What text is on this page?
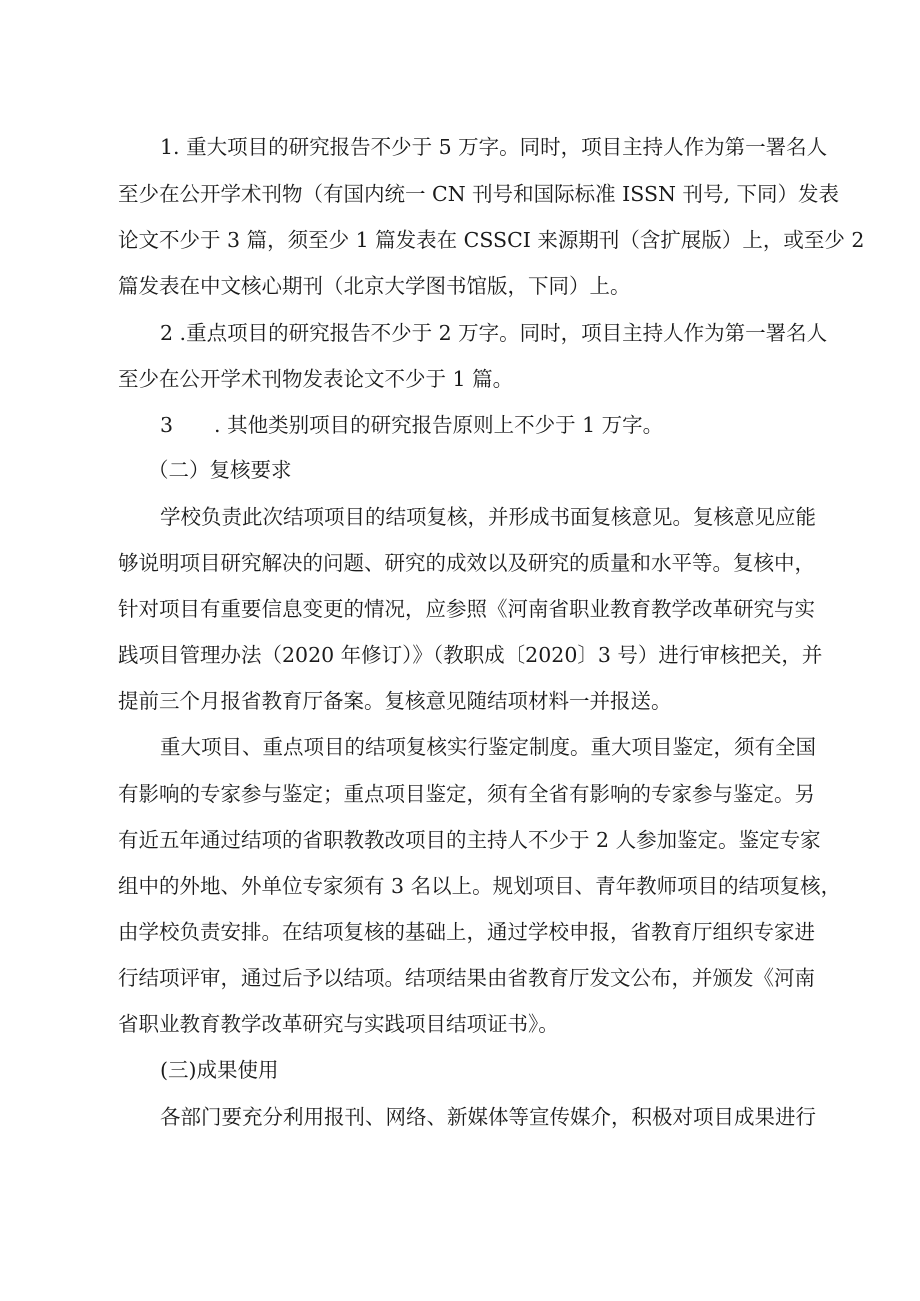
1. 重大项目的研究报告不少于 5 万字。同时，项目主持人作为第一署名人

至少在公开学术刊物（有国内统一 CN 刊号和国际标准 ISSN 刊号, 下同）发表

论文不少于 3 篇，须至少 1 篇发表在 CSSCI 来源期刊（含扩展版）上，或至少 2

篇发表在中文核心期刊（北京大学图书馆版，下同）上。

2 .重点项目的研究报告不少于 2 万字。同时，项目主持人作为第一署名人

至少在公开学术刊物发表论文不少于 1 篇。

3　　. 其他类别项目的研究报告原则上不少于 1 万字。

（二）复核要求

学校负责此次结项项目的结项复核，并形成书面复核意见。复核意见应能

够说明项目研究解决的问题、研究的成效以及研究的质量和水平等。复核中，

针对项目有重要信息变更的情况，应参照《河南省职业教育教学改革研究与实

践项目管理办法（2020 年修订）》（教职成〔2020〕3 号）进行审核把关，并

提前三个月报省教育厅备案。复核意见随结项材料一并报送。

重大项目、重点项目的结项复核实行鉴定制度。重大项目鉴定，须有全国

有影响的专家参与鉴定；重点项目鉴定，须有全省有影响的专家参与鉴定。另

有近五年通过结项的省职教教改项目的主持人不少于 2 人参加鉴定。鉴定专家

组中的外地、外单位专家须有 3 名以上。规划项目、青年教师项目的结项复核，

由学校负责安排。在结项复核的基础上，通过学校申报，省教育厅组织专家进

行结项评审，通过后予以结项。结项结果由省教育厅发文公布，并颁发《河南

省职业教育教学改革研究与实践项目结项证书》。

(三)成果使用

各部门要充分利用报刊、网络、新媒体等宣传媒介，积极对项目成果进行
